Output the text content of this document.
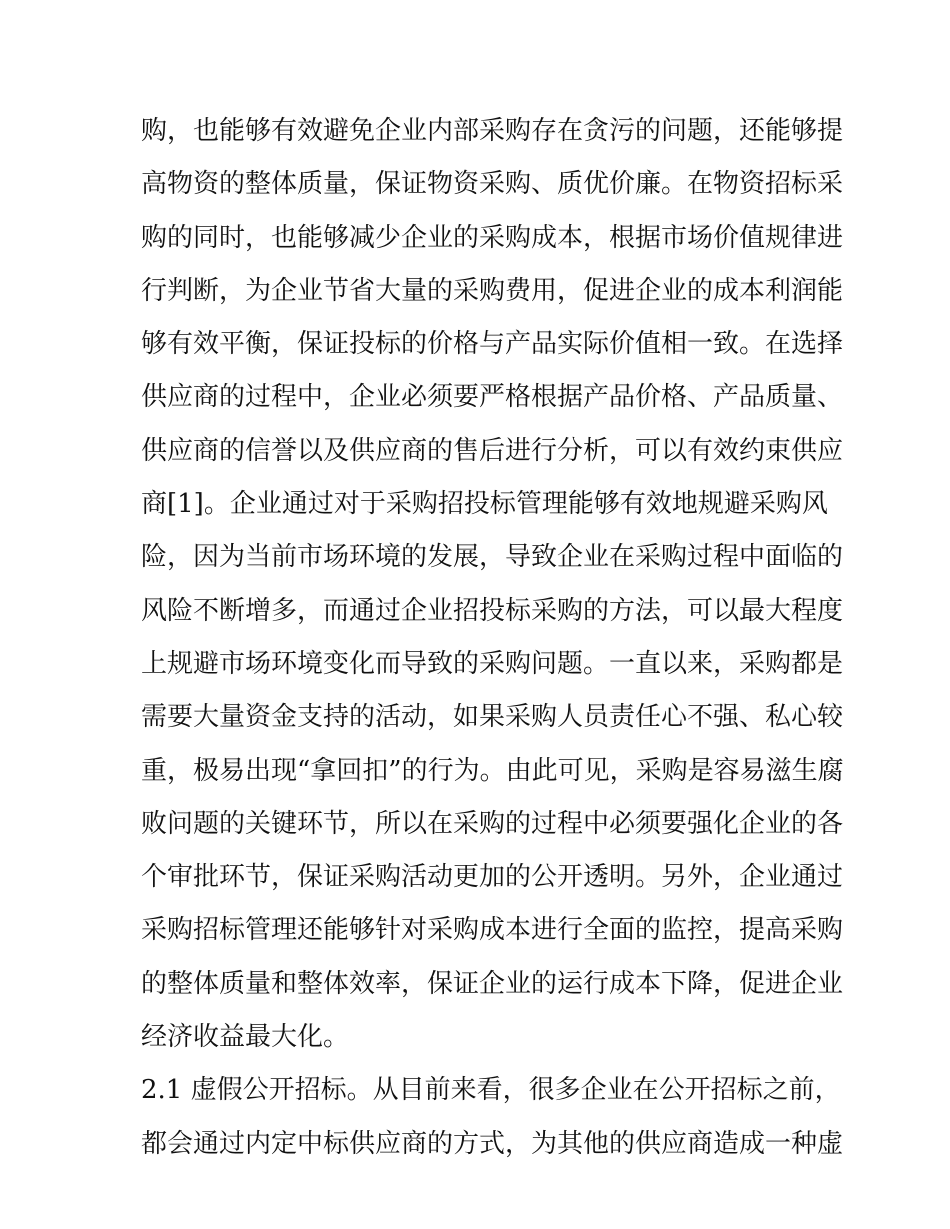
购，也能够有效避免企业内部采购存在贪污的问题，还能够提
高物资的整体质量，保证物资采购、质优价廉。在物资招标采
购的同时，也能够减少企业的采购成本，根据市场价值规律进
行判断，为企业节省大量的采购费用，促进企业的成本利润能
够有效平衡，保证投标的价格与产品实际价值相一致。在选择
供应商的过程中，企业必须要严格根据产品价格、产品质量、
供应商的信誉以及供应商的售后进行分析，可以有效约束供应
商[1]。企业通过对于采购招投标管理能够有效地规避采购风
险，因为当前市场环境的发展，导致企业在采购过程中面临的
风险不断增多，而通过企业招投标采购的方法，可以最大程度
上规避市场环境变化而导致的采购问题。一直以来，采购都是
需要大量资金支持的活动，如果采购人员责任心不强、私心较
重，极易出现“拿回扣”的行为。由此可见，采购是容易滋生腐
败问题的关键环节，所以在采购的过程中必须要强化企业的各
个审批环节，保证采购活动更加的公开透明。另外，企业通过
采购招标管理还能够针对采购成本进行全面的监控，提高采购
的整体质量和整体效率，保证企业的运行成本下降，促进企业
经济收益最大化。
2.1 虚假公开招标。从目前来看，很多企业在公开招标之前，
都会通过内定中标供应商的方式，为其他的供应商造成一种虚
